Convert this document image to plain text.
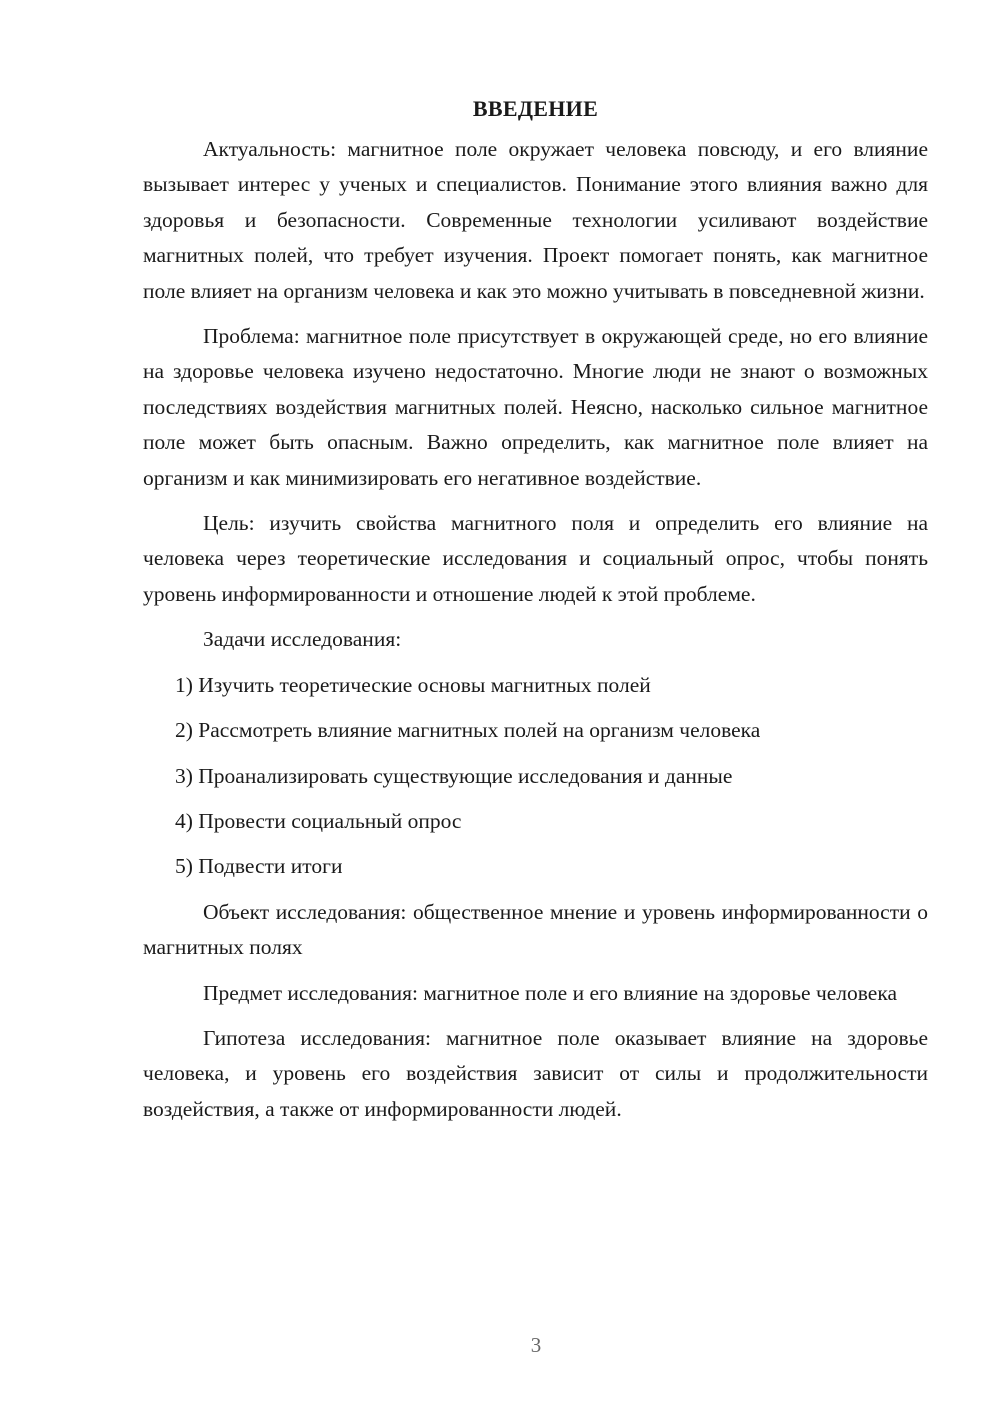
ВВЕДЕНИЕ

Актуальность: магнитное поле окружает человека повсюду, и его влияние вызывает интерес у ученых и специалистов. Понимание этого влияния важно для здоровья и безопасности. Современные технологии усиливают воздействие магнитных полей, что требует изучения. Проект помогает понять, как магнитное поле влияет на организм человека и как это можно учитывать в повседневной жизни.

Проблема: магнитное поле присутствует в окружающей среде, но его влияние на здоровье человека изучено недостаточно. Многие люди не знают о возможных последствиях воздействия магнитных полей. Неясно, насколько сильное магнитное поле может быть опасным. Важно определить, как магнитное поле влияет на организм и как минимизировать его негативное воздействие.

Цель: изучить свойства магнитного поля и определить его влияние на человека через теоретические исследования и социальный опрос, чтобы понять уровень информированности и отношение людей к этой проблеме.

Задачи исследования:

1) Изучить теоретические основы магнитных полей
2) Рассмотреть влияние магнитных полей на организм человека
3) Проанализировать существующие исследования и данные
4) Провести социальный опрос
5) Подвести итоги

Объект исследования: общественное мнение и уровень информированности о магнитных полях

Предмет исследования: магнитное поле и его влияние на здоровье человека

Гипотеза исследования: магнитное поле оказывает влияние на здоровье человека, и уровень его воздействия зависит от силы и продолжительности воздействия, а также от информированности людей.

3
